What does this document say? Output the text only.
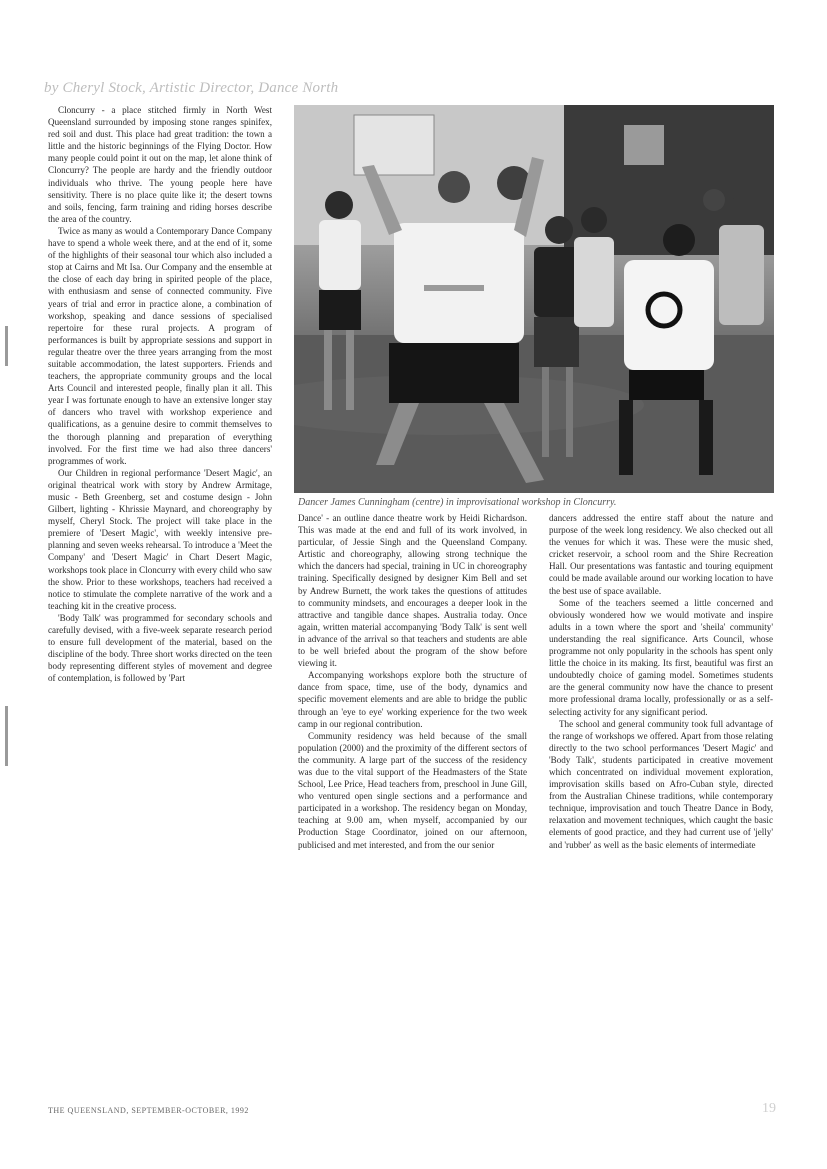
by Cheryl Stock, Artistic Director, Dance North

Cloncurry - a place stitched firmly in North West Queensland surrounded by imposing stone ranges spinifex, red soil and dust. This place had great tradition: the town a little and the historic beginnings of the Flying Doctor. How many people could point it out on the map, let alone think of Cloncurry? The people are hardy and the friendly outdoor individuals who thrive. The young people here have sensitivity. There is no place quite like it; the desert towns and soils, fencing, farm training and riding horses describe the area of the country.

Twice as many as would a Contemporary Dance Company have to spend a whole week there, and at the end of it, some of the highlights of their seasonal tour which also included a stop at Cairns and Mt Isa. Our Company and the ensemble at the close of each day bring in spirited people of the place, with enthusiasm and sense of connected community. Five years of trial and error in practice alone, a combination of workshop, speaking and dance sessions of specialised repertoire for these rural projects. A program of performances is built by appropriate sessions and support in regular theatre over the three years arranging from the most suitable accommodation, the latest supporters. Friends and teachers, the appropriate community groups and the local Arts Council and interested people, finally plan it all. This year I was fortunate enough to have an extensive longer stay of dancers who travel with workshop experience and qualifications, as a genuine desire to commit themselves to the thorough planning and preparation of everything involved. For the first time we had also three dancers' programmes of work.

Our Children in regional performance 'Desert Magic', an original theatrical work with story by Andrew Armitage, music - Beth Greenberg, set and costume design - John Gilbert, lighting - Khrissie Maynard, and choreography by myself, Cheryl Stock. The project will take place in the premiere of 'Desert Magic', with weekly intensive pre-planning and seven weeks rehearsal. To introduce a 'Meet the Company' and 'Desert Magic' in Chart Desert Magic, workshops took place in Cloncurry with every child who saw the show. Prior to these workshops, teachers had received a notice to stimulate the complete narrative of the work and a teaching kit in the creative process.

'Body Talk' was programmed for secondary schools and carefully devised, with a five-week separate research period to ensure full development of the material, based on the discipline of the body. Three short works directed on the teen body representing different styles of movement and degree of contemplation, is followed by 'Part

Dancer James Cunningham (centre) in improvisational workshop in Cloncurry.

Dance' - an outline dance theatre work by Heidi Richardson. This was made at the end and full of its work involved, in particular, of Jessie Singh and the Queensland Company. Artistic and choreography, allowing strong technique the which the dancers had special, training in UC in choreography training. Specifically designed by designer Kim Bell and set by Andrew Burnett, the work takes the questions of attitudes to community mindsets, and encourages a deeper look in the attractive and tangible dance shapes. Australia today. Once again, written material accompanying 'Body Talk' is sent well in advance of the arrival so that teachers and students are able to be well briefed about the program of the show before viewing it.

Accompanying workshops explore both the structure of dance from space, time, use of the body, dynamics and specific movement elements and are able to bridge the public through an 'eye to eye' working experience for the two week camp in our regional contribution.

Community residency was held because of the small population (2000) and the proximity of the different sectors of the community. A large part of the success of the residency was due to the vital support of the Headmasters of the State School, Lee Price, Head teachers from, preschool in June Gill, who ventured open single sections and a performance and participated in a workshop. The residency began on Monday, teaching at 9.00 am, when myself, accompanied by our Production Stage Coordinator, joined on our afternoon, publicised and met interested, and from the our senior

dancers addressed the entire staff about the nature and purpose of the week long residency. We also checked out all the venues for which it was. These were the music shed, cricket reservoir, a school room and the Shire Recreation Hall. Our presentations was fantastic and touring equipment could be made available around our working location to have the best use of space available.

Some of the teachers seemed a little concerned and obviously wondered how we would motivate and inspire adults in a town where the sport and 'sheila' community' understanding the real significance. Arts Council, whose programme not only popularity in the schools has spent only little the choice in its making. Its first, beautiful was first an undoubtedly choice of gaming model. Sometimes students are the general community now have the chance to present more professional drama locally, professionally or as a self-selecting activity for any significant period.

The school and general community took full advantage of the range of workshops we offered. Apart from those relating directly to the two school performances 'Desert Magic' and 'Body Talk', students participated in creative movement which concentrated on individual movement exploration, improvisation skills based on Afro-Cuban style, directed from the Australian Chinese traditions, while contemporary technique, improvisation and touch Theatre Dance in Body, relaxation and movement techniques, which caught the basic elements of good practice, and they had current use of 'jelly' and 'rubber' as well as the basic elements of intermediate

THE QUEENSLAND, SEPTEMBER-OCTOBER, 1992	19
